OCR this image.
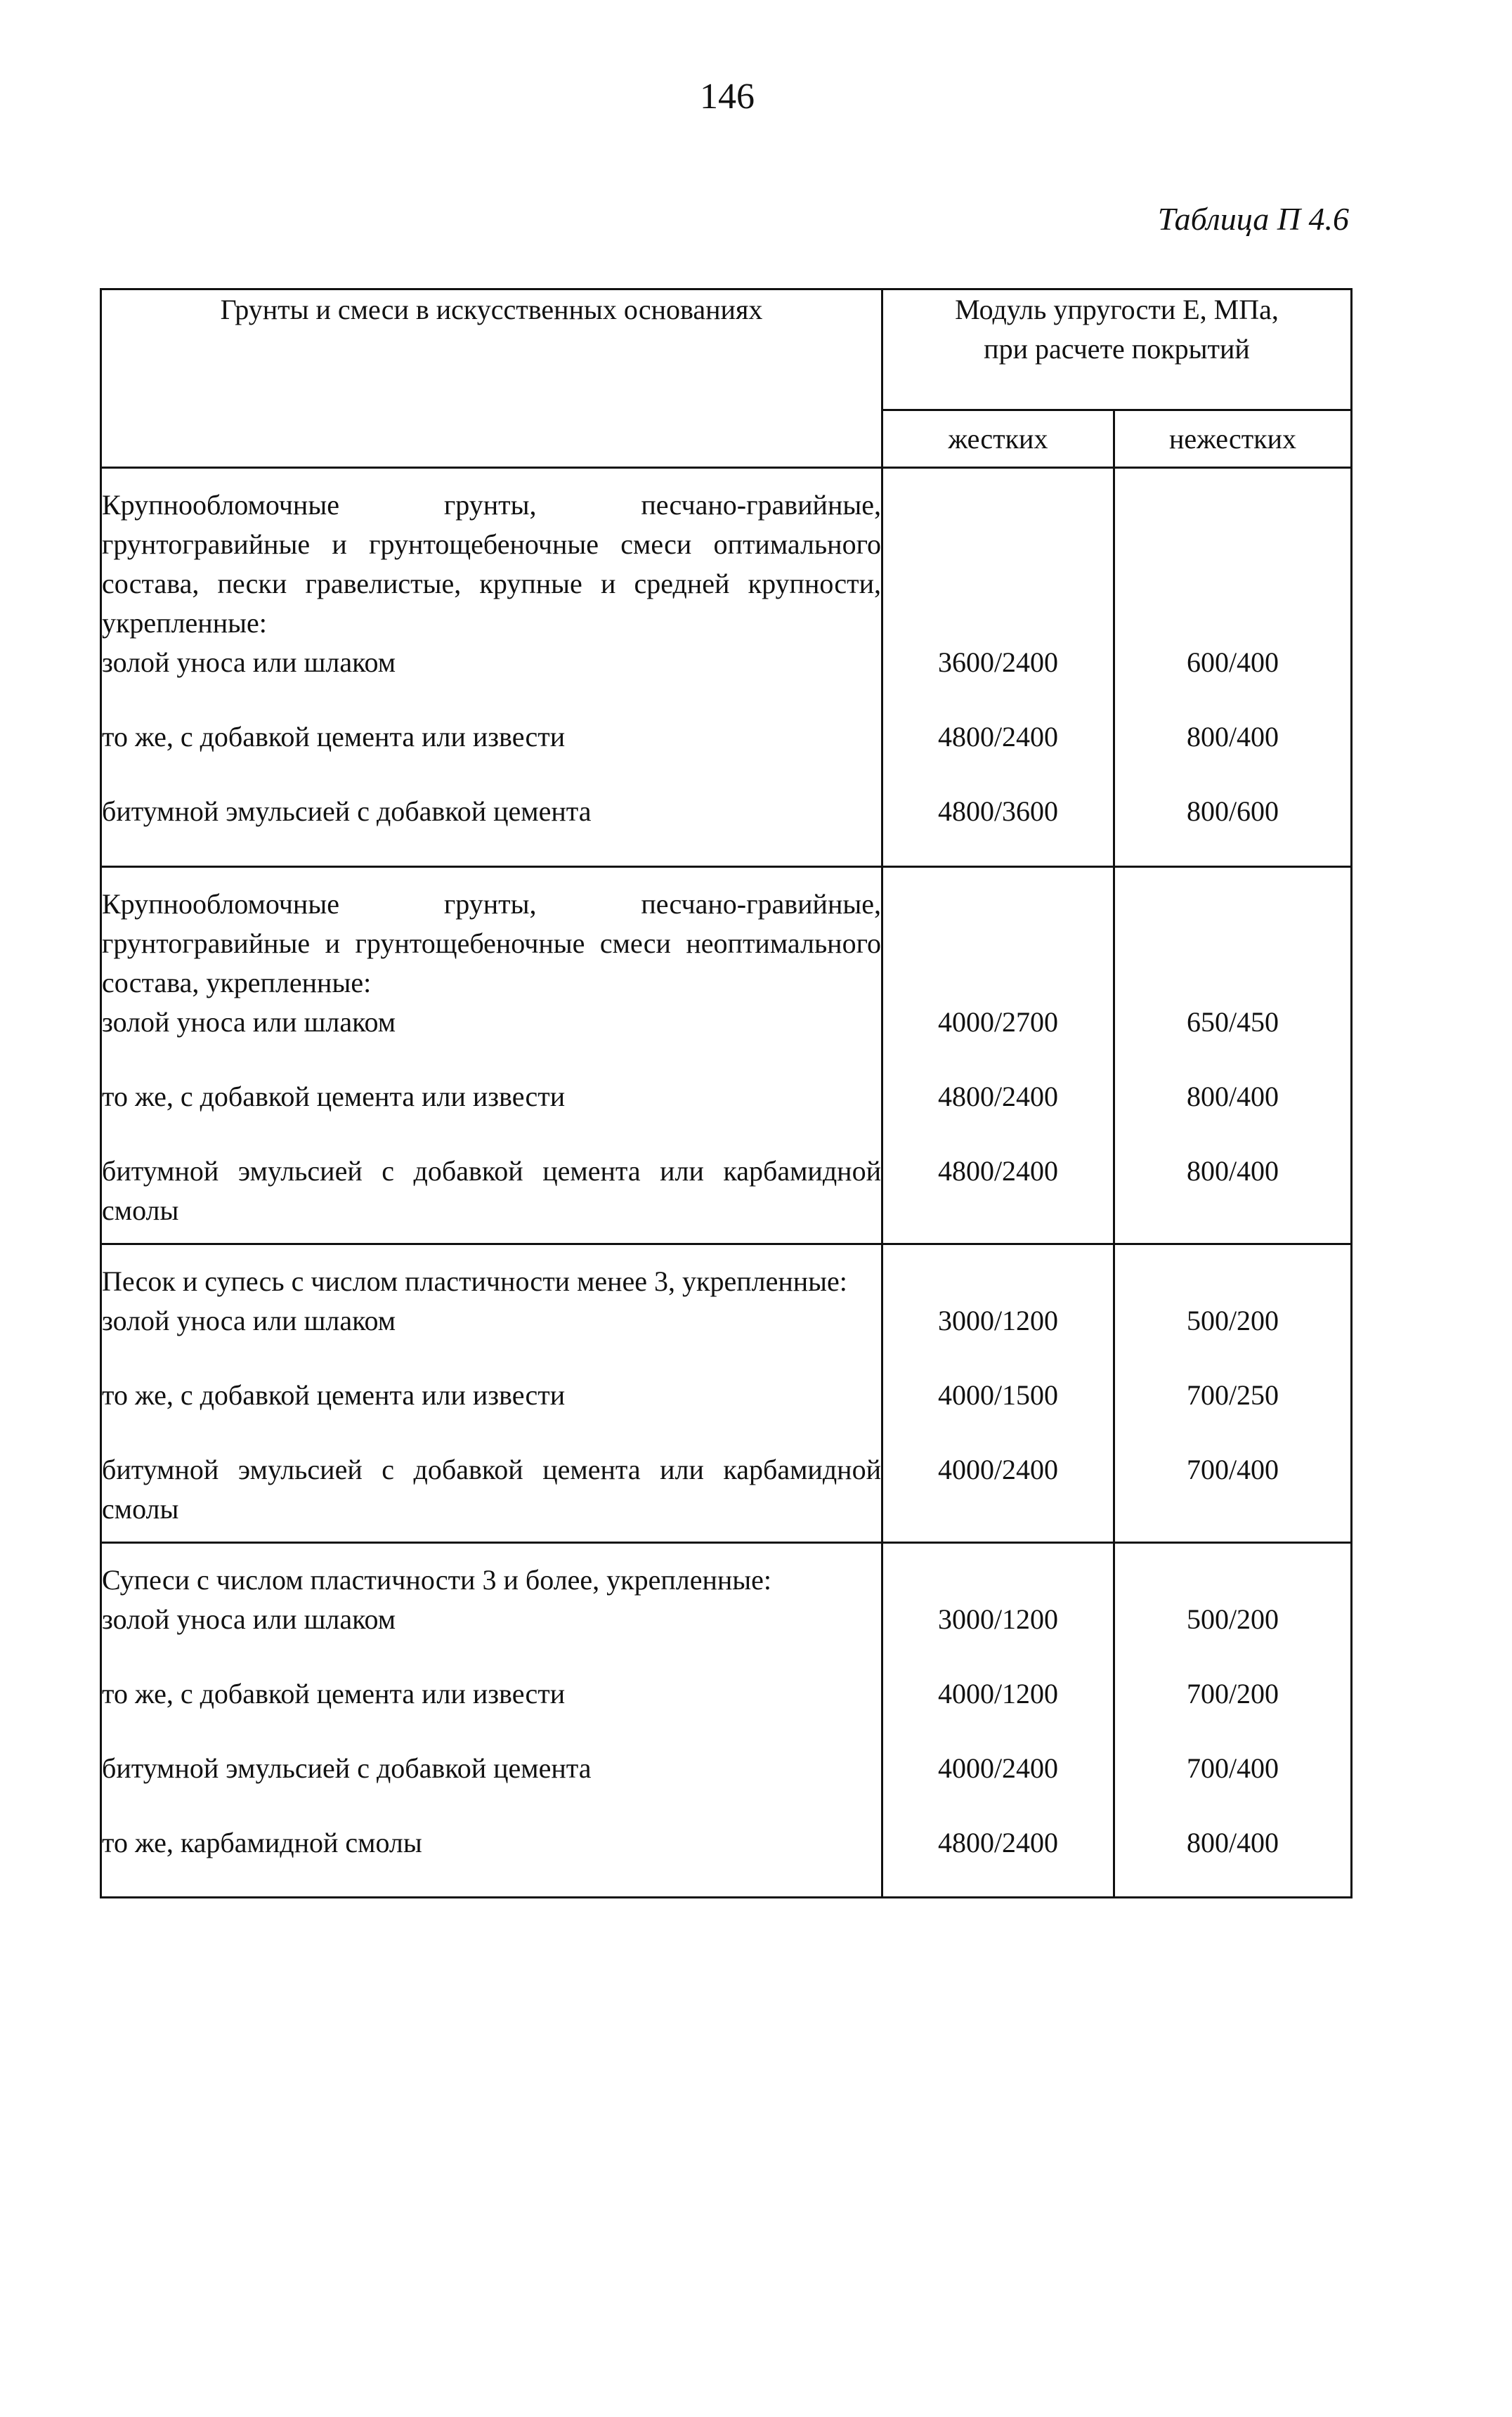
146
Таблица П 4.6
Грунты и смеси в искусственных основаниях	Модуль упругости E, МПа,
при расчете покрытий	

	жестких	нежестких
Крупнообломочные грунты, песчано-гравийные, грунтогравийные и грунтощебеночные смеси оптимального состава, пески гравелистые, крупные и средней крупности, укрепленные:		
золой уноса или шлаком	3600/2400	600/400
то же, с добавкой цемента или извести	4800/2400	800/400
битумной эмульсией с добавкой цемента	4800/3600	800/600
Крупнообломочные грунты, песчано-гравийные, грунтогравийные и грунтощебеночные смеси неоптимального состава, укрепленные:		
золой уноса или шлаком	4000/2700	650/450
то же, с добавкой цемента или извести	4800/2400	800/400
битумной эмульсией с добавкой цемента или карбамидной смолы	4800/2400	800/400
Песок и супесь с числом пластичности менее 3, укрепленные:		
золой уноса или шлаком	3000/1200	500/200
то же, с добавкой цемента или извести	4000/1500	700/250
битумной эмульсией с добавкой цемента или карбамидной смолы	4000/2400	700/400
Супеси с числом пластичности 3 и более, укрепленные:		
золой уноса или шлаком	3000/1200	500/200
то же, с добавкой цемента или извести	4000/1200	700/200
битумной эмульсией с добавкой цемента	4000/2400	700/400
то же, карбамидной смолы	4800/2400	800/400
